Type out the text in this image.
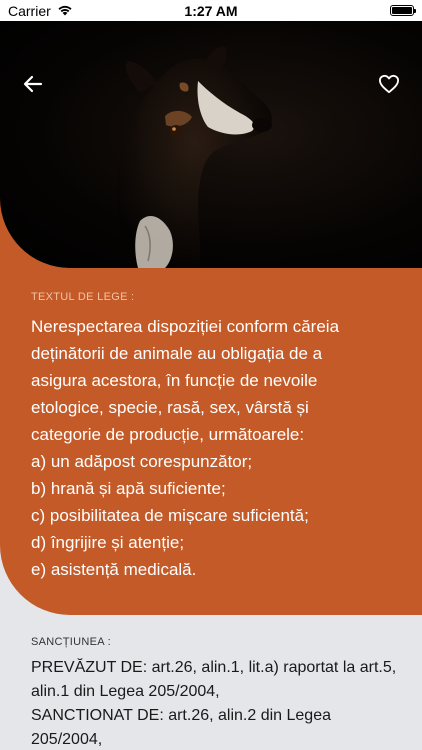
Carrier	1:27 AM
TEXTUL DE LEGE :
Nerespectarea dispoziției conform căreia
deținătorii de animale au obligația de a
asigura acestora, în funcție de nevoile
etologice, specie, rasă, sex, vârstă și
categorie de producție, următoarele:
a) un adăpost corespunzător;
b) hrană și apă suficiente;
c) posibilitatea de mișcare suficientă;
d) îngrijire și atenție;
e) asistență medicală.
SANCȚIUNEA :
PREVĂZUT DE: art.26, alin.1, lit.a) raportat la art.5,
alin.1 din Legea 205/2004,
SANCTIONAT DE: art.26, alin.2 din Legea
205/2004,
